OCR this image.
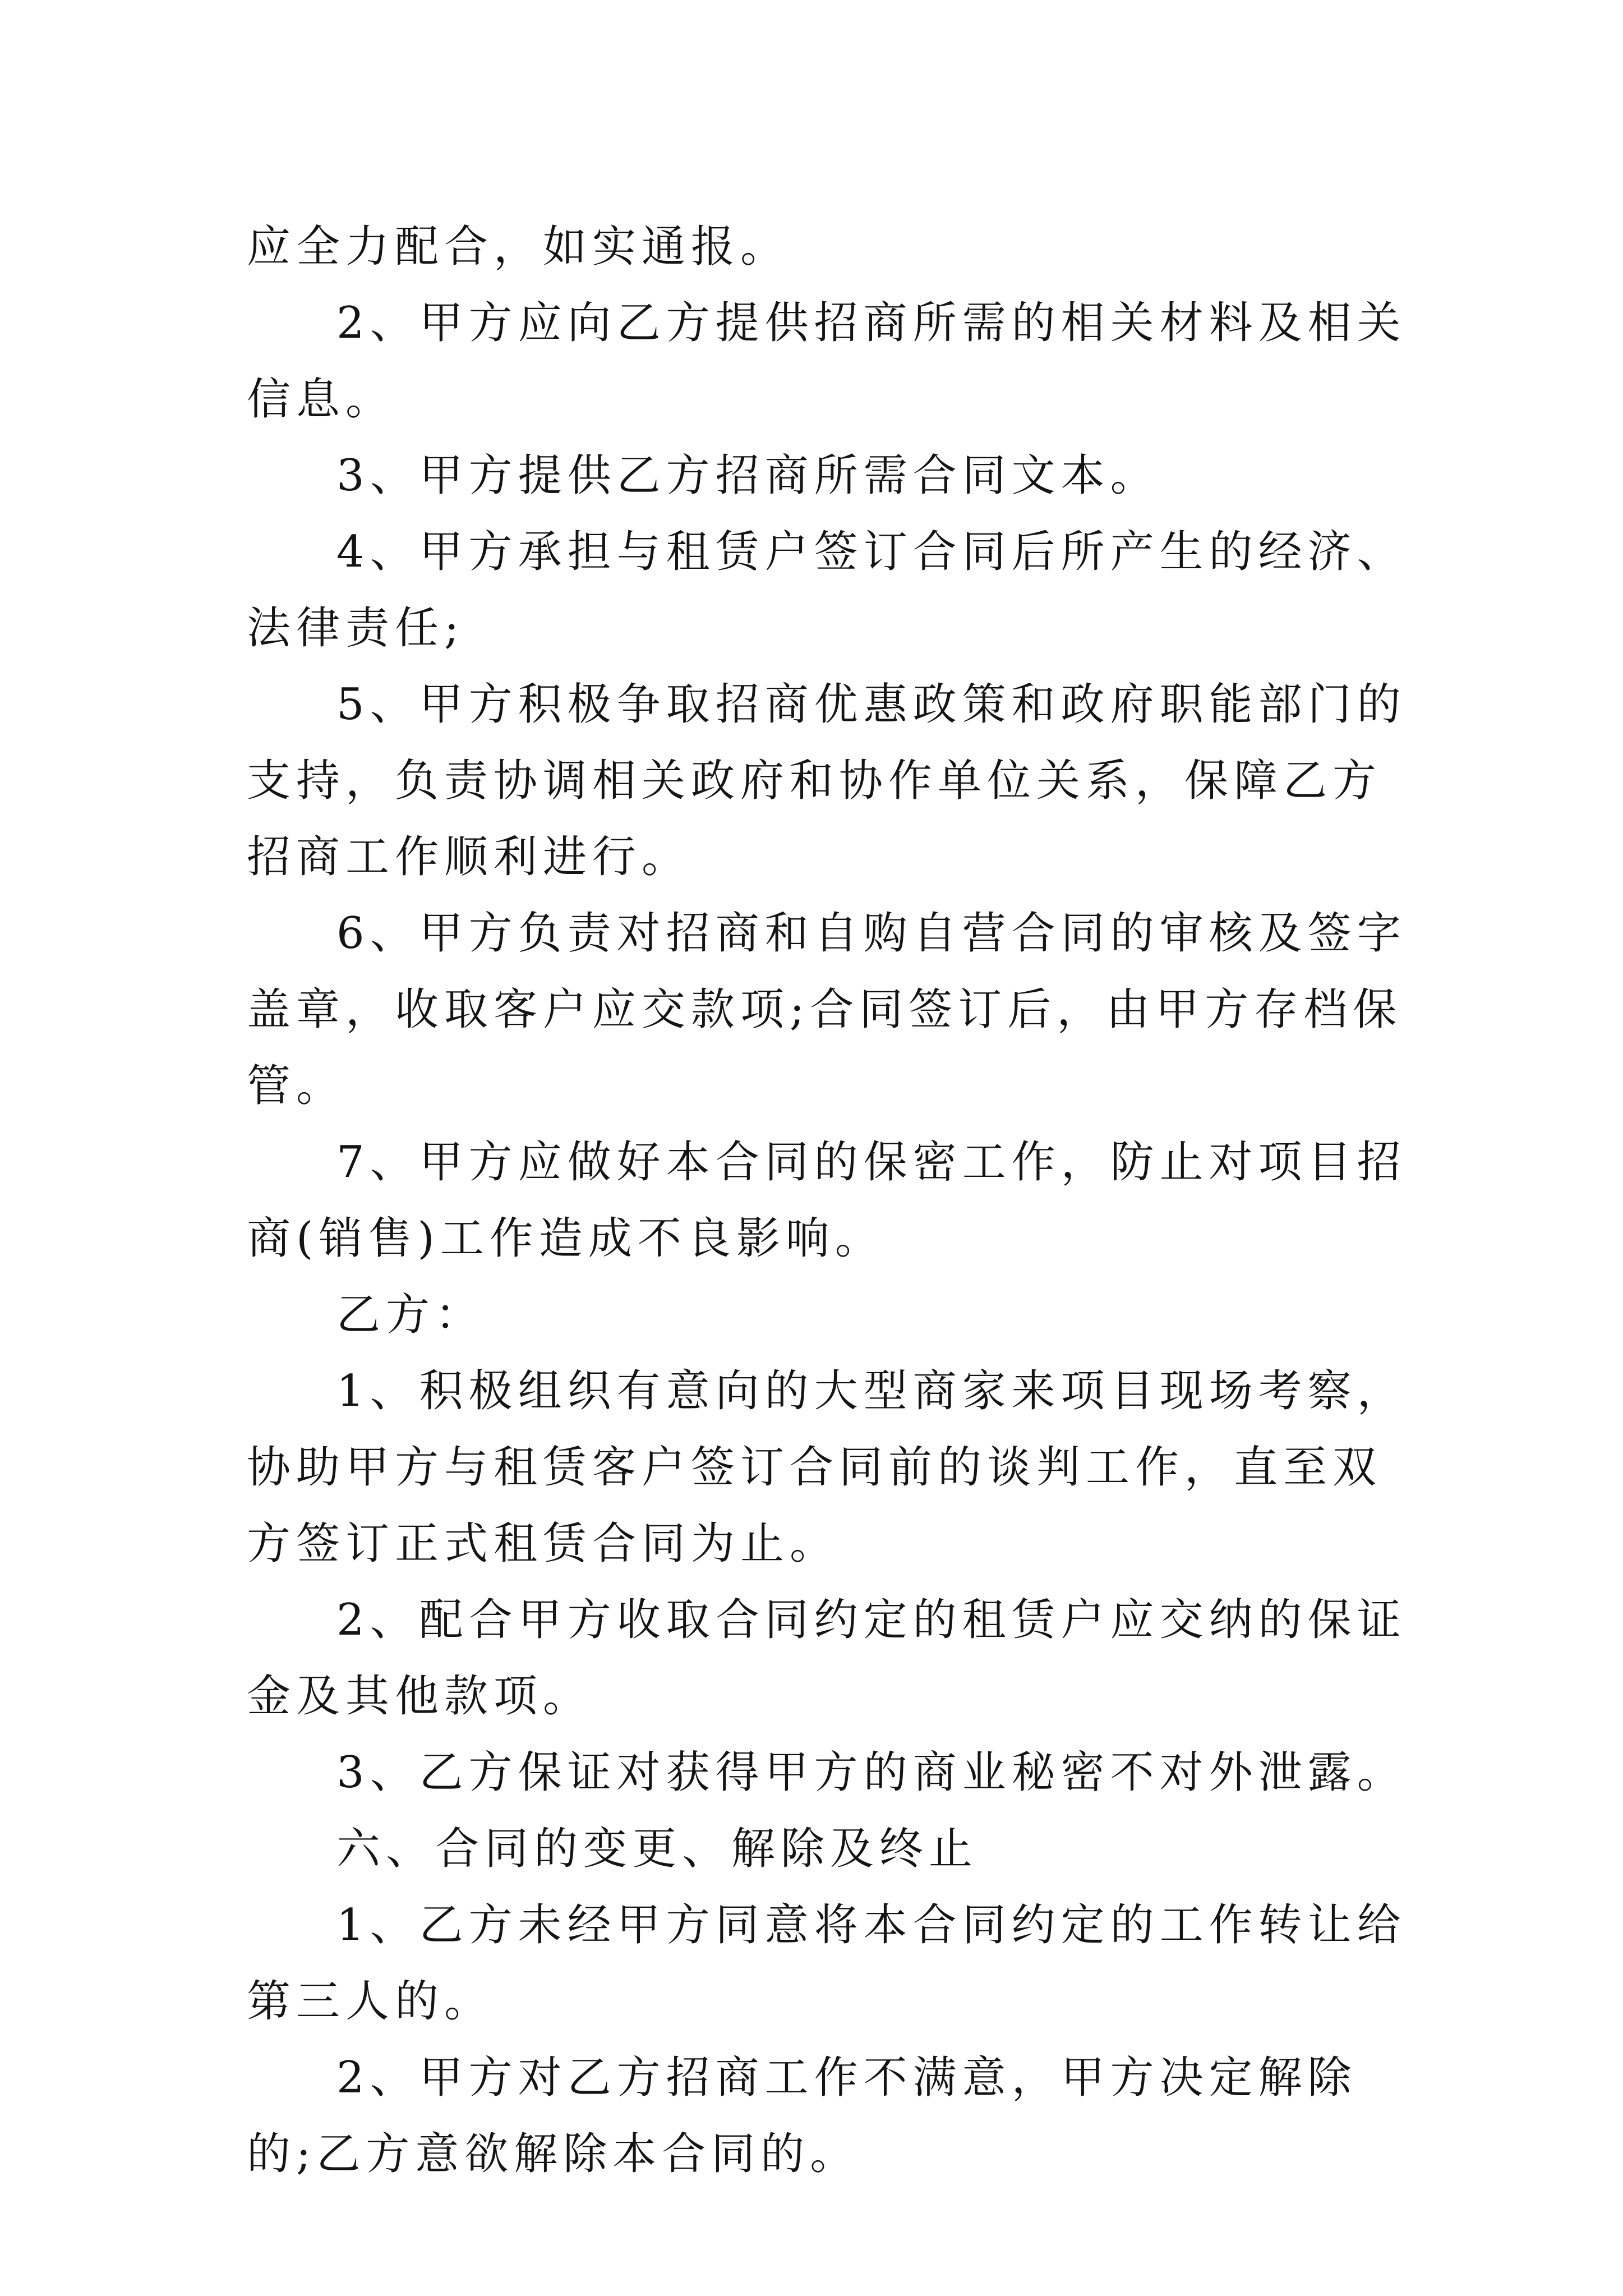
应全力配合，如实通报。

2、甲方应向乙方提供招商所需的相关材料及相关信息。

3、甲方提供乙方招商所需合同文本。

4、甲方承担与租赁户签订合同后所产生的经济、法律责任;

5、甲方积极争取招商优惠政策和政府职能部门的支持，负责协调相关政府和协作单位关系，保障乙方招商工作顺利进行。

6、甲方负责对招商和自购自营合同的审核及签字盖章，收取客户应交款项;合同签订后，由甲方存档保管。

7、甲方应做好本合同的保密工作，防止对项目招商(销售)工作造成不良影响。

乙方：

1、积极组织有意向的大型商家来项目现场考察，协助甲方与租赁客户签订合同前的谈判工作，直至双方签订正式租赁合同为止。

2、配合甲方收取合同约定的租赁户应交纳的保证金及其他款项。

3、乙方保证对获得甲方的商业秘密不对外泄露。

六、合同的变更、解除及终止

1、乙方未经甲方同意将本合同约定的工作转让给第三人的。

2、甲方对乙方招商工作不满意，甲方决定解除的;乙方意欲解除本合同的。
